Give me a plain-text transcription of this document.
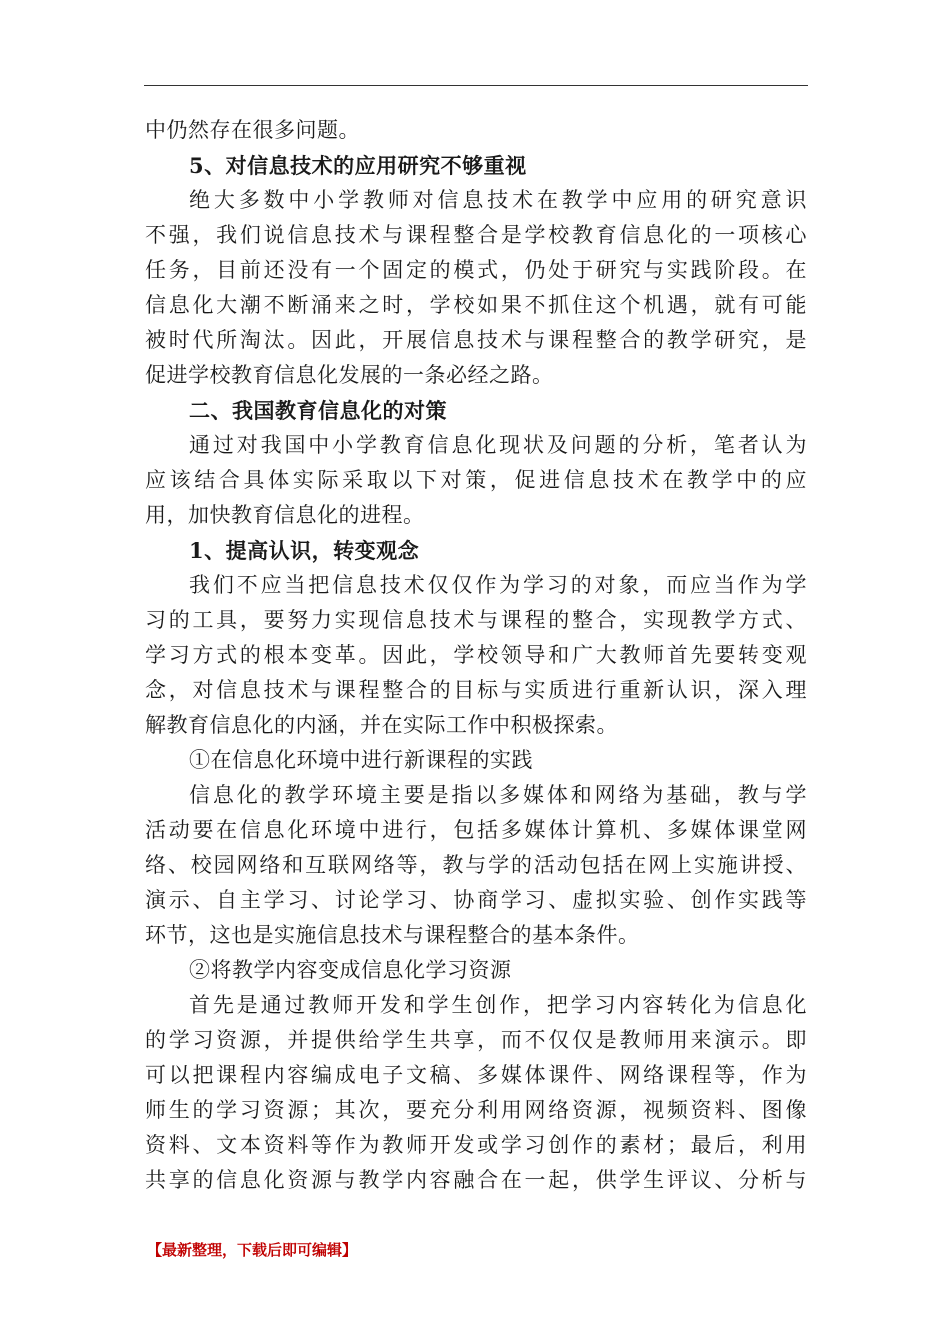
中仍然存在很多问题。
5、对信息技术的应用研究不够重视
绝大多数中小学教师对信息技术在教学中应用的研究意识
不强，我们说信息技术与课程整合是学校教育信息化的一项核心
任务，目前还没有一个固定的模式，仍处于研究与实践阶段。在
信息化大潮不断涌来之时，学校如果不抓住这个机遇，就有可能
被时代所淘汰。因此，开展信息技术与课程整合的教学研究，是
促进学校教育信息化发展的一条必经之路。
二、我国教育信息化的对策
通过对我国中小学教育信息化现状及问题的分析，笔者认为
应该结合具体实际采取以下对策，促进信息技术在教学中的应
用，加快教育信息化的进程。
1、提高认识，转变观念
我们不应当把信息技术仅仅作为学习的对象，而应当作为学
习的工具，要努力实现信息技术与课程的整合，实现教学方式、
学习方式的根本变革。因此，学校领导和广大教师首先要转变观
念，对信息技术与课程整合的目标与实质进行重新认识，深入理
解教育信息化的内涵，并在实际工作中积极探索。
①在信息化环境中进行新课程的实践
信息化的教学环境主要是指以多媒体和网络为基础，教与学
活动要在信息化环境中进行，包括多媒体计算机、多媒体课堂网
络、校园网络和互联网络等，教与学的活动包括在网上实施讲授、
演示、自主学习、讨论学习、协商学习、虚拟实验、创作实践等
环节，这也是实施信息技术与课程整合的基本条件。
②将教学内容变成信息化学习资源
首先是通过教师开发和学生创作，把学习内容转化为信息化
的学习资源，并提供给学生共享，而不仅仅是教师用来演示。即
可以把课程内容编成电子文稿、多媒体课件、网络课程等，作为
师生的学习资源；其次，要充分利用网络资源，视频资料、图像
资料、文本资料等作为教师开发或学习创作的素材；最后，利用
共享的信息化资源与教学内容融合在一起，供学生评议、分析与
【最新整理，下载后即可编辑】
